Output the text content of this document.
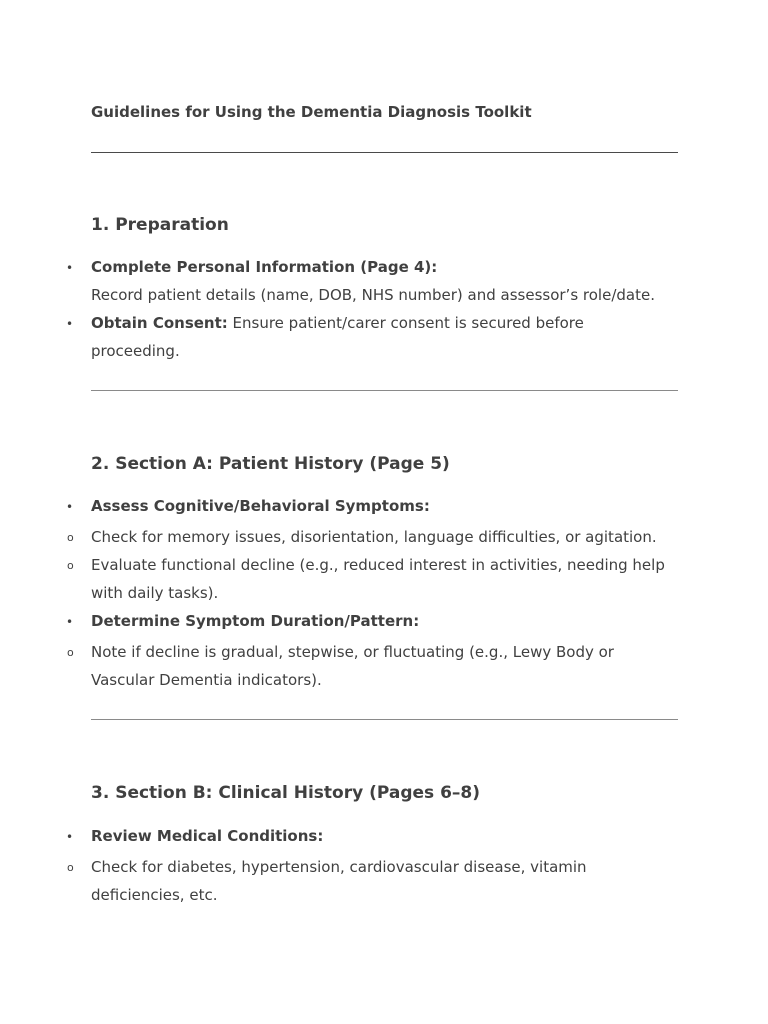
Guidelines for Using the Dementia Diagnosis Toolkit
1. Preparation
• Complete Personal Information (Page 4):
Record patient details (name, DOB, NHS number) and assessor’s role/date.
• Obtain Consent: Ensure patient/carer consent is secured before
proceeding.
2. Section A: Patient History (Page 5)
• Assess Cognitive/Behavioral Symptoms:
o Check for memory issues, disorientation, language difficulties, or agitation.
o Evaluate functional decline (e.g., reduced interest in activities, needing help
with daily tasks).
• Determine Symptom Duration/Pattern:
o Note if decline is gradual, stepwise, or fluctuating (e.g., Lewy Body or
Vascular Dementia indicators).
3. Section B: Clinical History (Pages 6–8)
• Review Medical Conditions:
o Check for diabetes, hypertension, cardiovascular disease, vitamin
deficiencies, etc.
